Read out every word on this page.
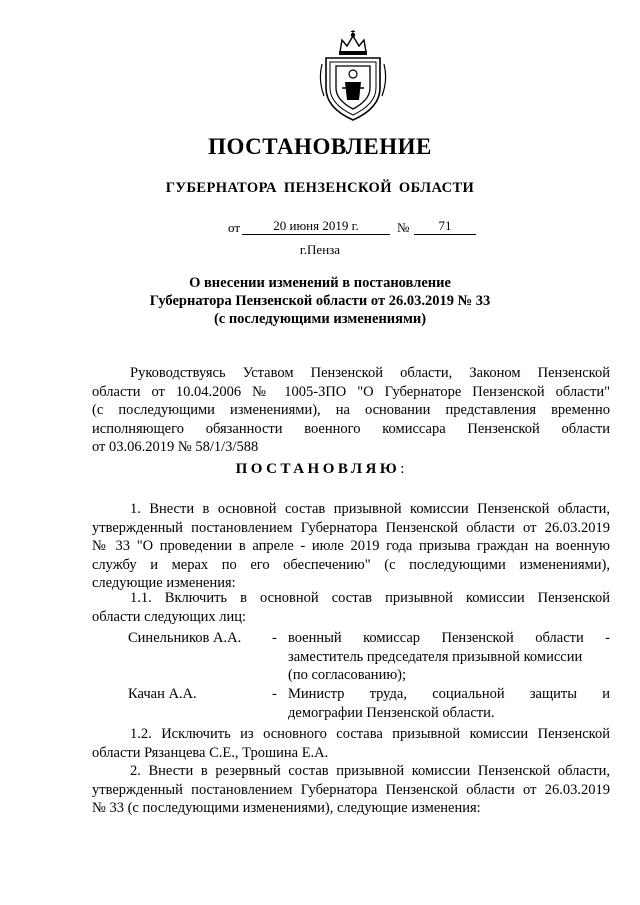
ПОСТАНОВЛЕНИЕ
ГУБЕРНАТОРА ПЕНЗЕНСКОЙ ОБЛАСТИ
от	20 июня 2019 г.	№	71
г.Пенза
О внесении изменений в постановление
Губернатора Пензенской области от 26.03.2019 № 33
(с последующими изменениями)
Руководствуясь Уставом Пензенской области, Законом Пензенской
области от 10.04.2006 № 1005-ЗПО "О Губернаторе Пензенской области"
(с последующими изменениями), на основании представления временно
исполняющего обязанности военного комиссара Пензенской области
от 03.06.2019 № 58/1/3/588
ПОСТАНОВЛЯЮ:
1. Внести в основной состав призывной комиссии Пензенской области,
утвержденный постановлением Губернатора Пензенской области от 26.03.2019
№ 33 "О проведении в апреле - июле 2019 года призыва граждан на военную
службу и мерах по его обеспечению" (с последующими изменениями),
следующие изменения:
1.1. Включить в основной состав призывной комиссии Пензенской
области следующих лиц:
Синельников А.А. - военный комиссар Пензенской области -
заместитель председателя призывной комиссии
(по согласованию);
Качан А.А.	- Министр труда, социальной защиты и
демографии Пензенской области.
1.2. Исключить из основного состава призывной комиссии Пензенской
области Рязанцева С.Е., Трошина Е.А.
2. Внести в резервный состав призывной комиссии Пензенской области,
утвержденный постановлением Губернатора Пензенской области от 26.03.2019
№ 33 (с последующими изменениями), следующие изменения:
